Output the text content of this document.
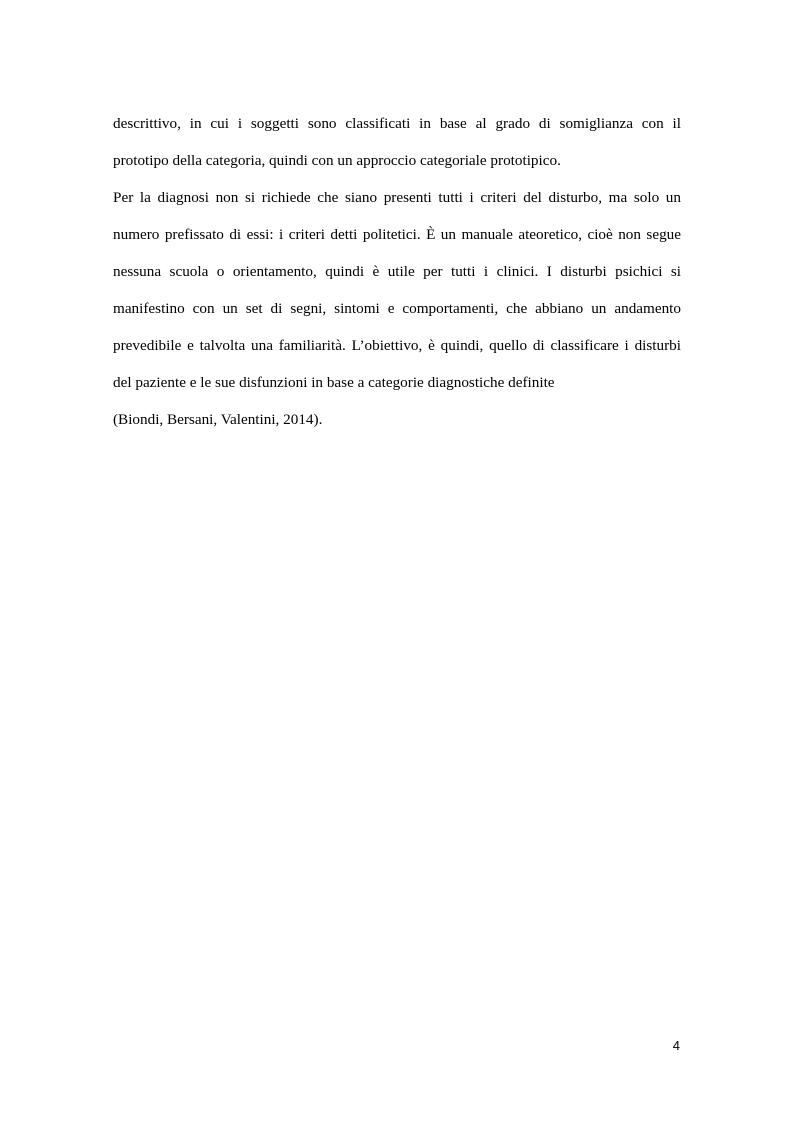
descrittivo, in cui i soggetti sono classificati in base al grado di somiglianza con il
prototipo della categoria, quindi con un approccio categoriale prototipico.
Per la diagnosi non si richiede che siano presenti tutti i criteri del disturbo, ma solo un
numero prefissato di essi: i criteri detti politetici. È un manuale ateoretico, cioè non segue
nessuna scuola o orientamento, quindi è utile per tutti i clinici. I disturbi psichici si
manifestino con un set di segni, sintomi e comportamenti, che abbiano un andamento
prevedibile e talvolta una familiarità. L’obiettivo, è quindi, quello di classificare i disturbi
del paziente e le sue disfunzioni in base a categorie diagnostiche definite
(Biondi, Bersani, Valentini, 2014).
4
